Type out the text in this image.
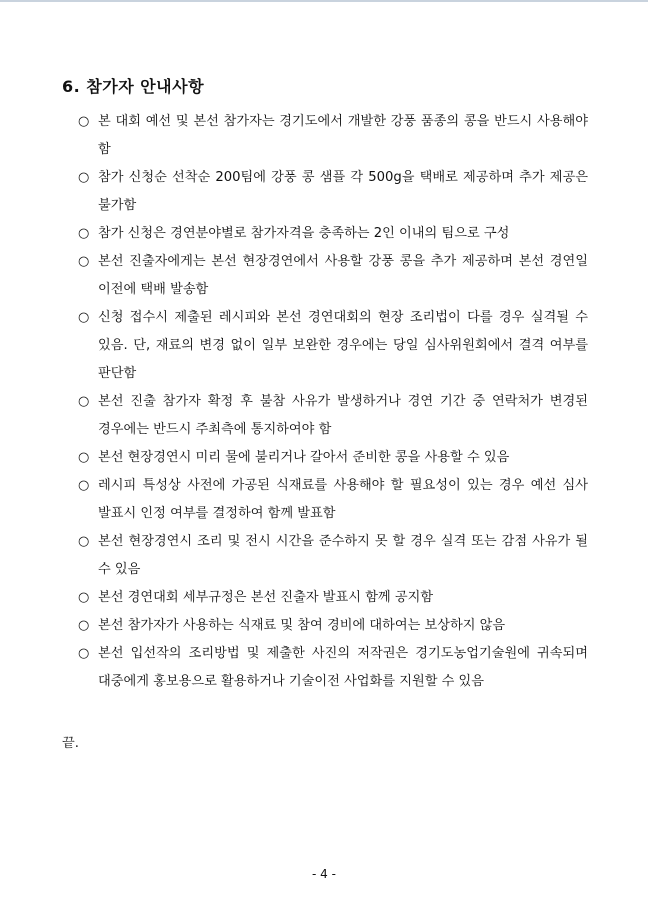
6. 참가자 안내사항
○ 본 대회 예선 및 본선 참가자는 경기도에서 개발한 강풍 품종의 콩을 반드시 사용해야 함
○ 참가 신청순 선착순 200팀에 강풍 콩 샘플 각 500g을 택배로 제공하며 추가 제공은 불가함
○ 참가 신청은 경연분야별로 참가자격을 충족하는 2인 이내의 팀으로 구성
○ 본선 진출자에게는 본선 현장경연에서 사용할 강풍 콩을 추가 제공하며 본선 경연일 이전에 택배 발송함
○ 신청 접수시 제출된 레시피와 본선 경연대회의 현장 조리법이 다를 경우 실격될 수 있음. 단, 재료의 변경 없이 일부 보완한 경우에는 당일 심사위원회에서 결격 여부를 판단함
○ 본선 진출 참가자 확정 후 불참 사유가 발생하거나 경연 기간 중 연락처가 변경된 경우에는 반드시 주최측에 통지하여야 함
○ 본선 현장경연시 미리 물에 불리거나 갈아서 준비한 콩을 사용할 수 있음
○ 레시피 특성상 사전에 가공된 식재료를 사용해야 할 필요성이 있는 경우 예선 심사 발표시 인정 여부를 결정하여 함께 발표함
○ 본선 현장경연시 조리 및 전시 시간을 준수하지 못 할 경우 실격 또는 감점 사유가 될 수 있음
○ 본선 경연대회 세부규정은 본선 진출자 발표시 함께 공지함
○ 본선 참가자가 사용하는 식재료 및 참여 경비에 대하여는 보상하지 않음
○ 본선 입선작의 조리방법 및 제출한 사진의 저작권은 경기도농업기술원에 귀속되며 대중에게 홍보용으로 활용하거나 기술이전 사업화를 지원할 수 있음
끝.
- 4 -
